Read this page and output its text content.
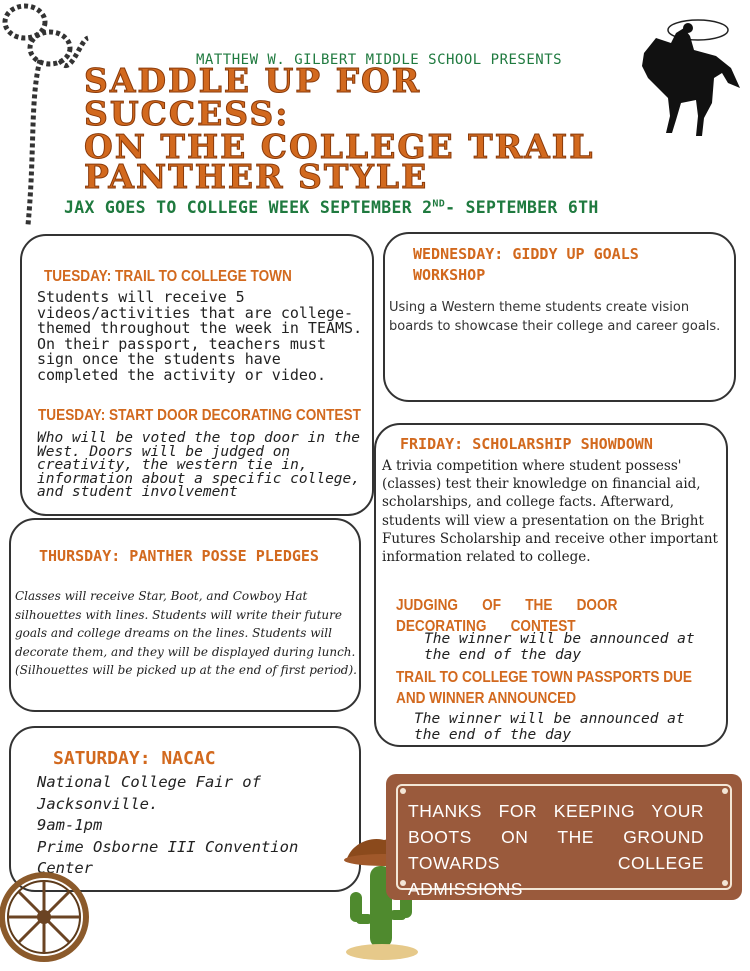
MATTHEW W. GILBERT MIDDLE SCHOOL PRESENTS
SADDLE UP FOR
SUCCESS:
ON THE COLLEGE TRAIL
PANTHER STYLE
JAX GOES TO COLLEGE WEEK SEPTEMBER 2ND- SEPTEMBER 6TH
TUESDAY: TRAIL TO COLLEGE TOWN
Students will receive 5 videos/activities that are college-themed throughout the week in TEAMS. On their passport, teachers must sign once the students have completed the activity or video.
TUESDAY: START DOOR DECORATING CONTEST
Who will be voted the top door in the West. Doors will be judged on creativity, the western tie in, information about a specific college, and student involvement
WEDNESDAY: GIDDY UP GOALS WORKSHOP
Using a Western theme students create vision boards to showcase their college and career goals.
THURSDAY: PANTHER POSSE PLEDGES
Classes will receive Star, Boot, and Cowboy Hat silhouettes with lines. Students will write their future goals and college dreams on the lines. Students will decorate them, and they will be displayed during lunch. (Silhouettes will be picked up at the end of first period).
FRIDAY: SCHOLARSHIP SHOWDOWN
A trivia competition where student possess' (classes) test their knowledge on financial aid, scholarships, and college facts. Afterward, students will view a presentation on the Bright Futures Scholarship and receive other important information related to college.
JUDGING OF THE DOOR DECORATING CONTEST
The winner will be announced at the end of the day
TRAIL TO COLLEGE TOWN PASSPORTS DUE AND WINNER ANNOUNCED
The winner will be announced at the end of the day
SATURDAY: NACAC
National College Fair of
Jacksonville.
9am-1pm
Prime Osborne III Convention
Center
THANKS FOR KEEPING YOUR BOOTS ON THE GROUND TOWARDS COLLEGE ADMISSIONS
